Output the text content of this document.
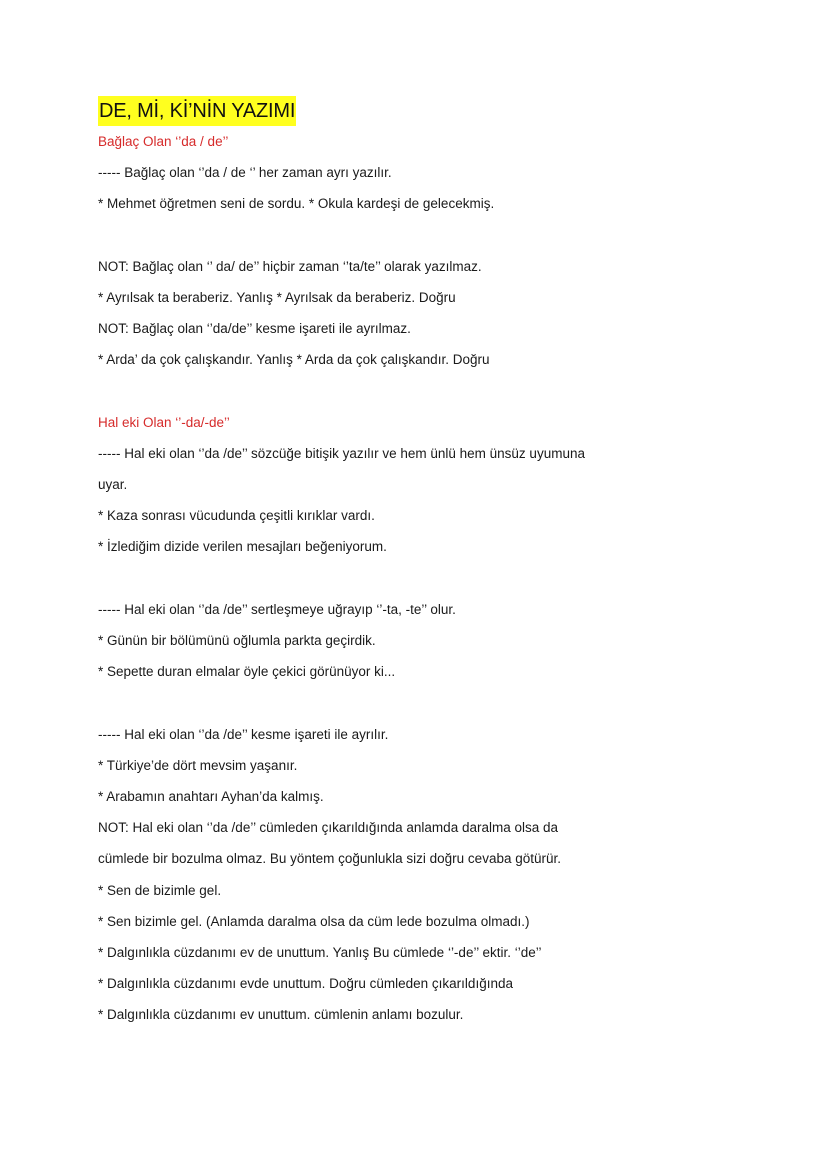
DE, Mİ, Kİ’NİN YAZIMI
Bağlaç Olan ‘’da / de’’
----- Bağlaç olan ‘’da / de ‘’ her zaman ayrı yazılır.
* Mehmet öğretmen seni de sordu. * Okula kardeşi de gelecekmiş.
NOT: Bağlaç olan ‘’ da/ de’’ hiçbir zaman ‘’ta/te’’ olarak yazılmaz.
* Ayrılsak ta beraberiz. Yanlış * Ayrılsak da beraberiz. Doğru
NOT: Bağlaç olan ‘’da/de’’ kesme işareti ile ayrılmaz.
* Arda’ da çok çalışkandır. Yanlış * Arda da çok çalışkandır. Doğru
Hal eki Olan ‘’-da/-de’’
----- Hal eki olan ‘’da /de’’ sözcüğe bitişik yazılır ve hem ünlü hem ünsüz uyumuna
uyar.
* Kaza sonrası vücudunda çeşitli kırıklar vardı.
* İzlediğim dizide verilen mesajları beğeniyorum.
----- Hal eki olan ‘’da /de’’ sertleşmeye uğrayıp ‘’-ta, -te’’ olur.
* Günün bir bölümünü oğlumla parkta geçirdik.
* Sepette duran elmalar öyle çekici görünüyor ki...
----- Hal eki olan ‘’da /de’’ kesme işareti ile ayrılır.
* Türkiye’de dört mevsim yaşanır.
* Arabamın anahtarı Ayhan’da kalmış.
NOT: Hal eki olan ‘’da /de’’ cümleden çıkarıldığında anlamda daralma olsa da
cümlede bir bozulma olmaz. Bu yöntem çoğunlukla sizi doğru cevaba götürür.
* Sen de bizimle gel.
* Sen bizimle gel. (Anlamda daralma olsa da cüm lede bozulma olmadı.)
* Dalgınlıkla cüzdanımı ev de unuttum. Yanlış Bu cümlede ‘’-de’’ ektir. ‘’de’’
* Dalgınlıkla cüzdanımı evde unuttum. Doğru cümleden çıkarıldığında
* Dalgınlıkla cüzdanımı ev unuttum. cümlenin anlamı bozulur.
